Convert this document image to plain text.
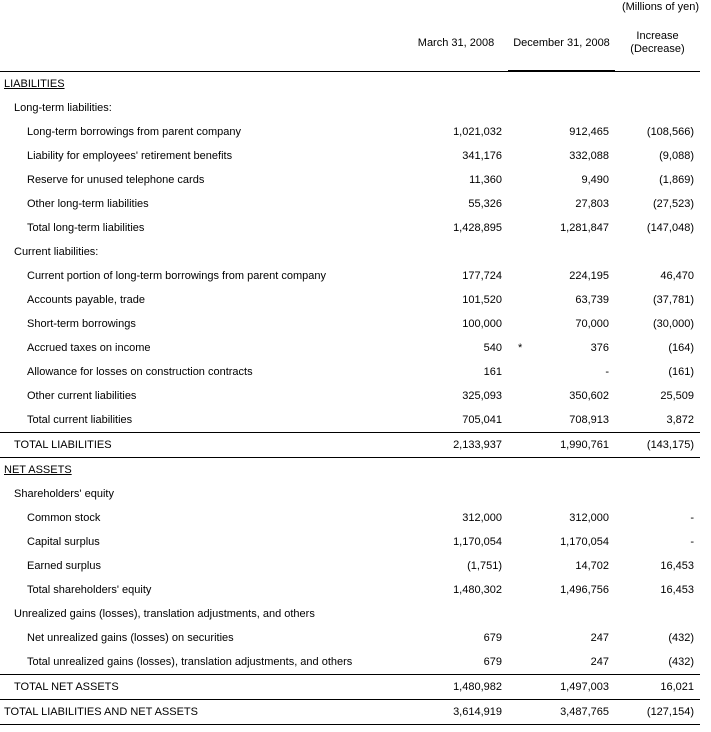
(Millions of yen)
	March 31, 2008	December 31, 2008	Increase
(Decrease)

LIABILITIES			
Long-term liabilities:			
Long-term borrowings from parent company	1,021,032	912,465	(108,566)
Liability for employees' retirement benefits	341,176	332,088	(9,088)
Reserve for unused telephone cards	11,360	9,490	(1,869)
Other long-term liabilities	55,326	27,803	(27,523)
Total long-term liabilities	1,428,895	1,281,847	(147,048)
Current liabilities:			
Current portion of long-term borrowings from parent company	177,724	224,195	46,470
Accounts payable, trade	101,520	63,739	(37,781)
Short-term borrowings	100,000	70,000	(30,000)
Accrued taxes on income	540	* 376	(164)
Allowance for losses on construction contracts	161	-	(161)
Other current liabilities	325,093	350,602	25,509
Total current liabilities	705,041	708,913	3,872
TOTAL LIABILITIES	2,133,937	1,990,761	(143,175)
NET ASSETS			
Shareholders' equity			
Common stock	312,000	312,000	-
Capital surplus	1,170,054	1,170,054	-
Earned surplus	(1,751)	14,702	16,453
Total shareholders' equity	1,480,302	1,496,756	16,453
Unrealized gains (losses), translation adjustments, and others			
Net unrealized gains (losses) on securities	679	247	(432)
Total unrealized gains (losses), translation adjustments, and others	679	247	(432)
TOTAL NET ASSETS	1,480,982	1,497,003	16,021
TOTAL LIABILITIES AND NET ASSETS	3,614,919	3,487,765	(127,154)
